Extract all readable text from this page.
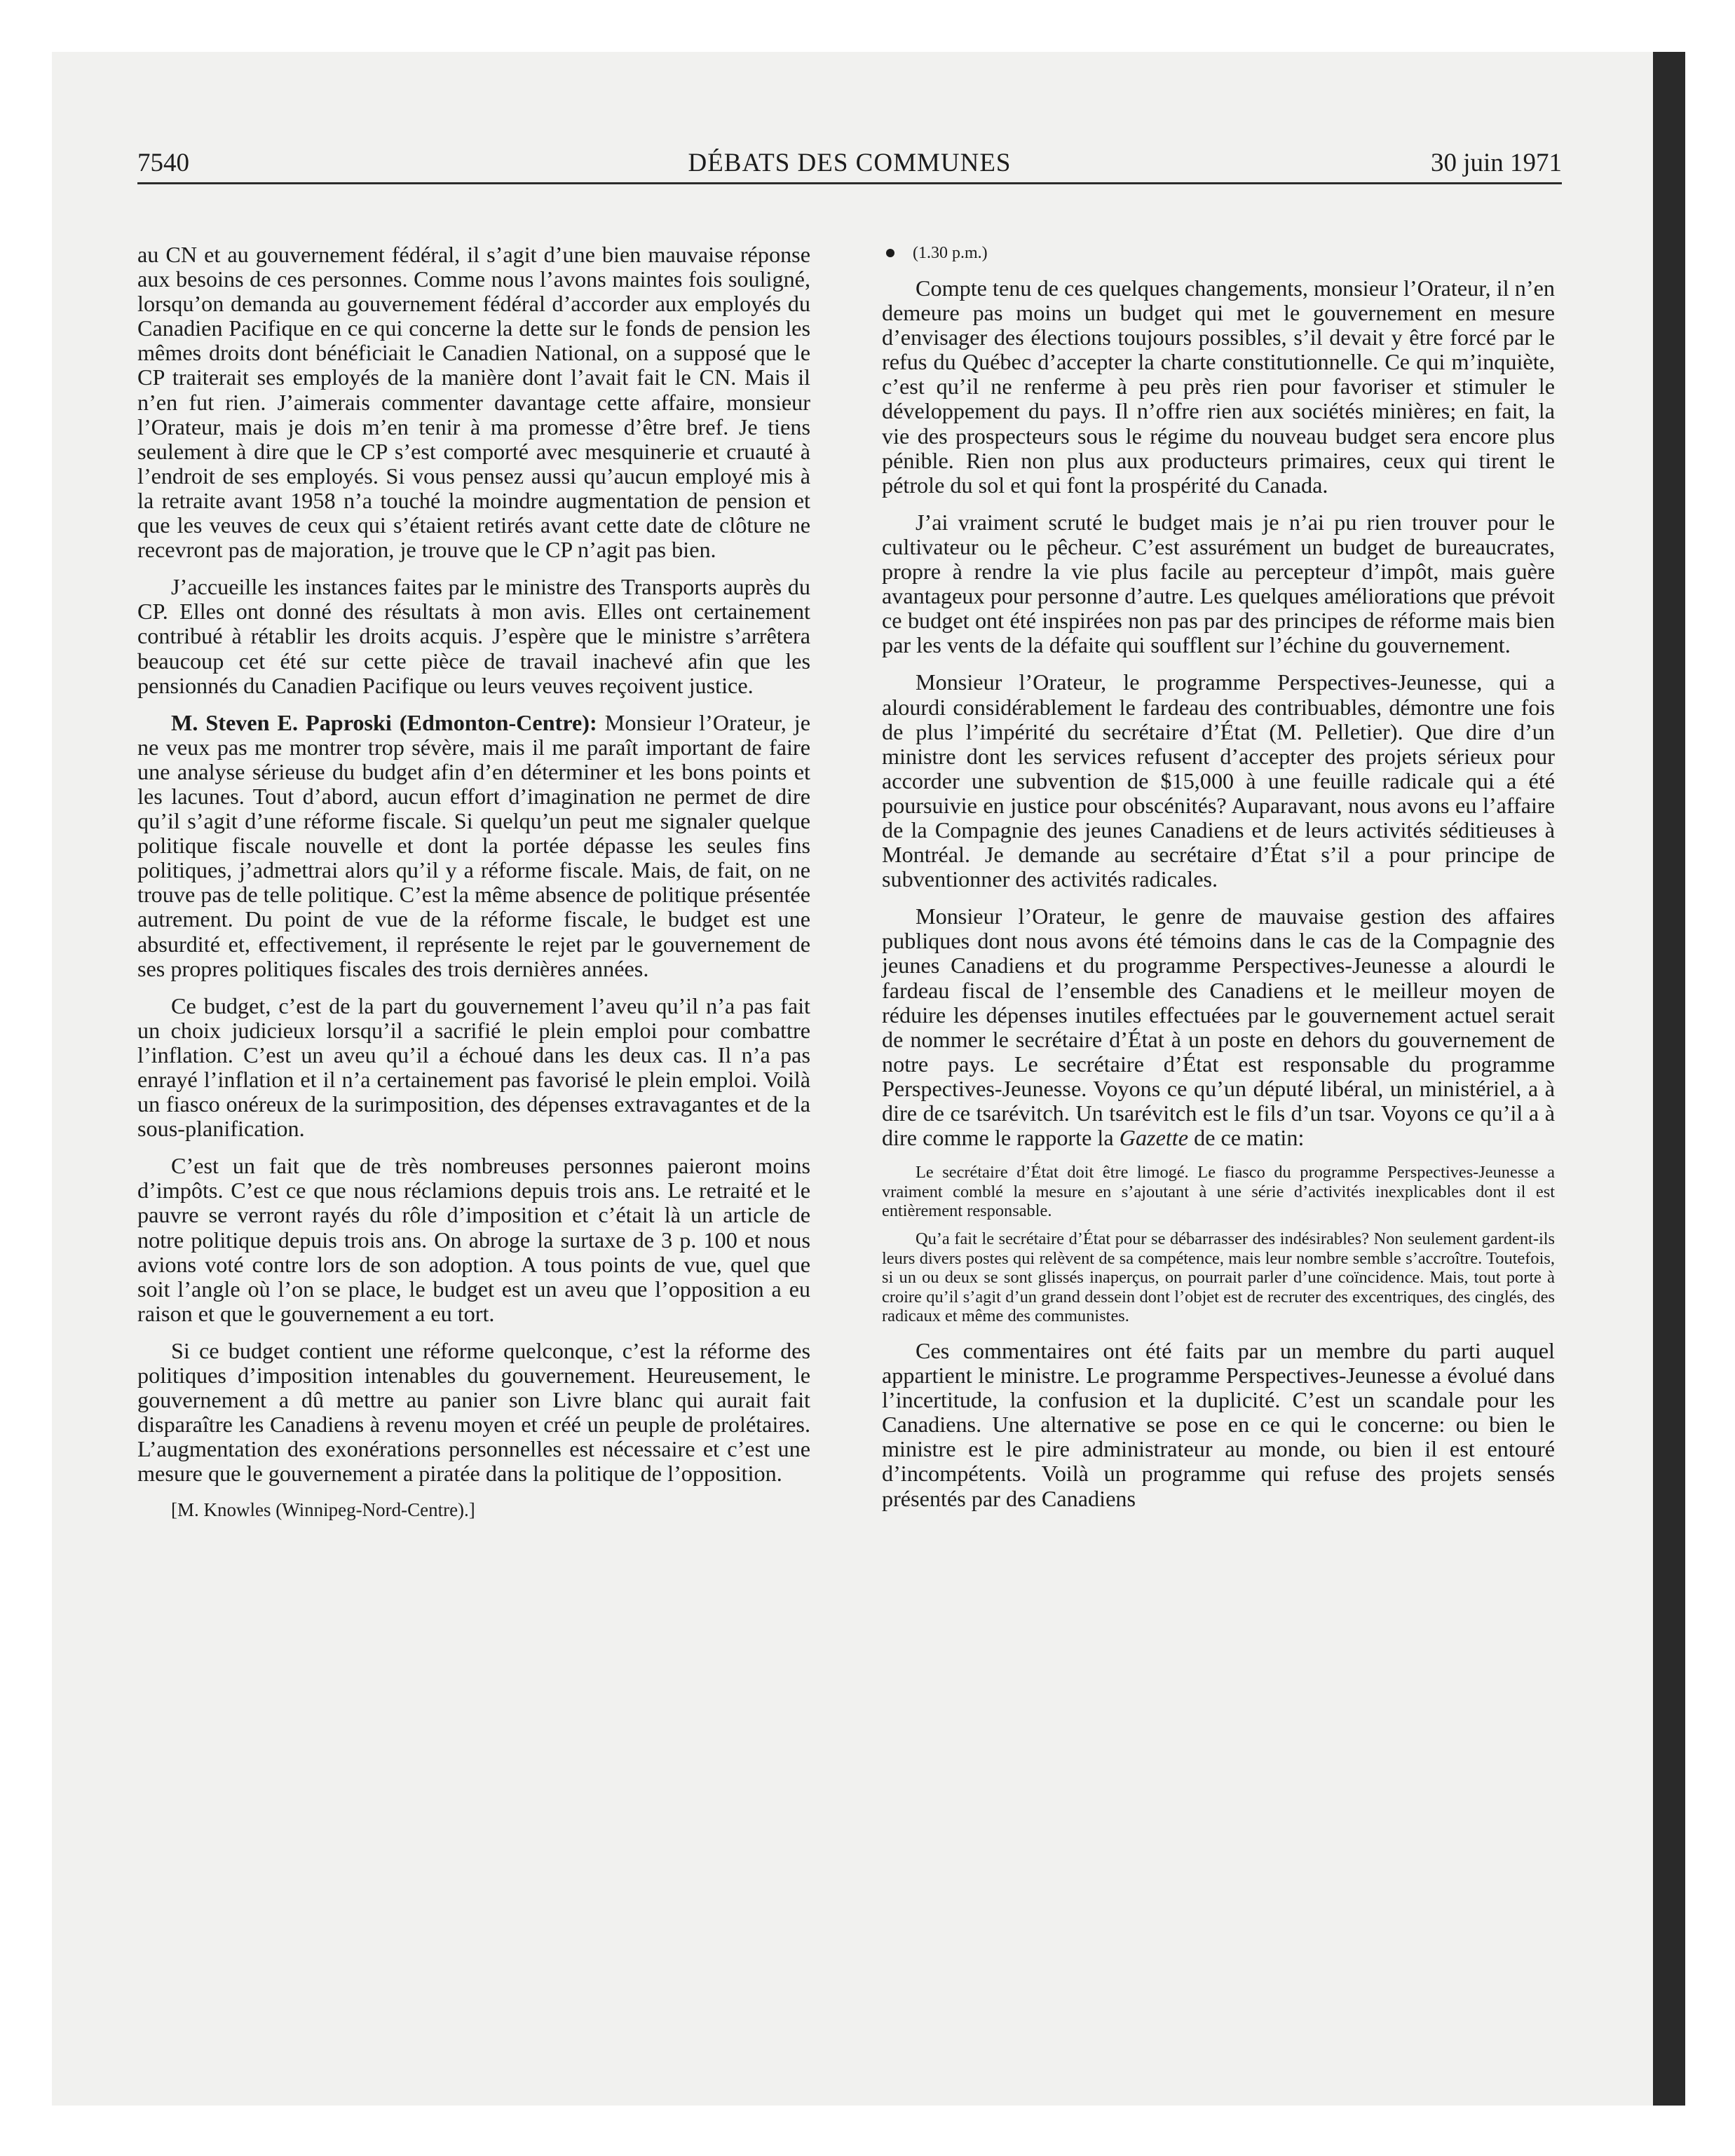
7540	DÉBATS DES COMMUNES	30 juin 1971

au CN et au gouvernement fédéral, il s’agit d’une bien mauvaise réponse aux besoins de ces personnes. Comme nous l’avons maintes fois souligné, lorsqu’on demanda au gouvernement fédéral d’accorder aux employés du Canadien Pacifique en ce qui concerne la dette sur le fonds de pension les mêmes droits dont bénéficiait le Canadien National, on a supposé que le CP traiterait ses employés de la manière dont l’avait fait le CN. Mais il n’en fut rien. J’aimerais commenter davantage cette affaire, monsieur l’Orateur, mais je dois m’en tenir à ma promesse d’être bref. Je tiens seulement à dire que le CP s’est comporté avec mesquinerie et cruauté à l’endroit de ses employés. Si vous pensez aussi qu’aucun employé mis à la retraite avant 1958 n’a touché la moindre augmentation de pension et que les veuves de ceux qui s’étaient retirés avant cette date de clôture ne recevront pas de majoration, je trouve que le CP n’agit pas bien.

J’accueille les instances faites par le ministre des Transports auprès du CP. Elles ont donné des résultats à mon avis. Elles ont certainement contribué à rétablir les droits acquis. J’espère que le ministre s’arrêtera beaucoup cet été sur cette pièce de travail inachevé afin que les pensionnés du Canadien Pacifique ou leurs veuves reçoivent justice.

M. Steven E. Paproski (Edmonton-Centre): Monsieur l’Orateur, je ne veux pas me montrer trop sévère, mais il me paraît important de faire une analyse sérieuse du budget afin d’en déterminer et les bons points et les lacunes. Tout d’abord, aucun effort d’imagination ne permet de dire qu’il s’agit d’une réforme fiscale. Si quelqu’un peut me signaler quelque politique fiscale nouvelle et dont la portée dépasse les seules fins politiques, j’admettrai alors qu’il y a réforme fiscale. Mais, de fait, on ne trouve pas de telle politique. C’est la même absence de politique présentée autrement. Du point de vue de la réforme fiscale, le budget est une absurdité et, effectivement, il représente le rejet par le gouvernement de ses propres politiques fiscales des trois dernières années.

Ce budget, c’est de la part du gouvernement l’aveu qu’il n’a pas fait un choix judicieux lorsqu’il a sacrifié le plein emploi pour combattre l’inflation. C’est un aveu qu’il a échoué dans les deux cas. Il n’a pas enrayé l’inflation et il n’a certainement pas favorisé le plein emploi. Voilà un fiasco onéreux de la surimposition, des dépenses extravagantes et de la sous-planification.

C’est un fait que de très nombreuses personnes paieront moins d’impôts. C’est ce que nous réclamions depuis trois ans. Le retraité et le pauvre se verront rayés du rôle d’imposition et c’était là un article de notre politique depuis trois ans. On abroge la surtaxe de 3 p. 100 et nous avions voté contre lors de son adoption. A tous points de vue, quel que soit l’angle où l’on se place, le budget est un aveu que l’opposition a eu raison et que le gouvernement a eu tort.

Si ce budget contient une réforme quelconque, c’est la réforme des politiques d’imposition intenables du gouvernement. Heureusement, le gouvernement a dû mettre au panier son Livre blanc qui aurait fait disparaître les Canadiens à revenu moyen et créé un peuple de prolétaires. L’augmentation des exonérations personnelles est nécessaire et c’est une mesure que le gouvernement a piratée dans la politique de l’opposition.

[M. Knowles (Winnipeg-Nord-Centre).]

(1.30 p.m.)

Compte tenu de ces quelques changements, monsieur l’Orateur, il n’en demeure pas moins un budget qui met le gouvernement en mesure d’envisager des élections toujours possibles, s’il devait y être forcé par le refus du Québec d’accepter la charte constitutionnelle. Ce qui m’inquiète, c’est qu’il ne renferme à peu près rien pour favoriser et stimuler le développement du pays. Il n’offre rien aux sociétés minières; en fait, la vie des prospecteurs sous le régime du nouveau budget sera encore plus pénible. Rien non plus aux producteurs primaires, ceux qui tirent le pétrole du sol et qui font la prospérité du Canada.

J’ai vraiment scruté le budget mais je n’ai pu rien trouver pour le cultivateur ou le pêcheur. C’est assurément un budget de bureaucrates, propre à rendre la vie plus facile au percepteur d’impôt, mais guère avantageux pour personne d’autre. Les quelques améliorations que prévoit ce budget ont été inspirées non pas par des principes de réforme mais bien par les vents de la défaite qui soufflent sur l’échine du gouvernement.

Monsieur l’Orateur, le programme Perspectives-Jeunesse, qui a alourdi considérablement le fardeau des contribuables, démontre une fois de plus l’impérité du secrétaire d’État (M. Pelletier). Que dire d’un ministre dont les services refusent d’accepter des projets sérieux pour accorder une subvention de $15,000 à une feuille radicale qui a été poursuivie en justice pour obscénités? Auparavant, nous avons eu l’affaire de la Compagnie des jeunes Canadiens et de leurs activités séditieuses à Montréal. Je demande au secrétaire d’État s’il a pour principe de subventionner des activités radicales.

Monsieur l’Orateur, le genre de mauvaise gestion des affaires publiques dont nous avons été témoins dans le cas de la Compagnie des jeunes Canadiens et du programme Perspectives-Jeunesse a alourdi le fardeau fiscal de l’ensemble des Canadiens et le meilleur moyen de réduire les dépenses inutiles effectuées par le gouvernement actuel serait de nommer le secrétaire d’État à un poste en dehors du gouvernement de notre pays. Le secrétaire d’État est responsable du programme Perspectives-Jeunesse. Voyons ce qu’un député libéral, un ministériel, a à dire de ce tsarévitch. Un tsarévitch est le fils d’un tsar. Voyons ce qu’il a à dire comme le rapporte la Gazette de ce matin:

Le secrétaire d’État doit être limogé. Le fiasco du programme Perspectives-Jeunesse a vraiment comblé la mesure en s’ajoutant à une série d’activités inexplicables dont il est entièrement responsable.

Qu’a fait le secrétaire d’État pour se débarrasser des indésirables? Non seulement gardent-ils leurs divers postes qui relèvent de sa compétence, mais leur nombre semble s’accroître. Toutefois, si un ou deux se sont glissés inaperçus, on pourrait parler d’une coïncidence. Mais, tout porte à croire qu’il s’agit d’un grand dessein dont l’objet est de recruter des excentriques, des cinglés, des radicaux et même des communistes.

Ces commentaires ont été faits par un membre du parti auquel appartient le ministre. Le programme Perspectives-Jeunesse a évolué dans l’incertitude, la confusion et la duplicité. C’est un scandale pour les Canadiens. Une alternative se pose en ce qui le concerne: ou bien le ministre est le pire administrateur au monde, ou bien il est entouré d’incompétents. Voilà un programme qui refuse des projets sensés présentés par des Canadiens
